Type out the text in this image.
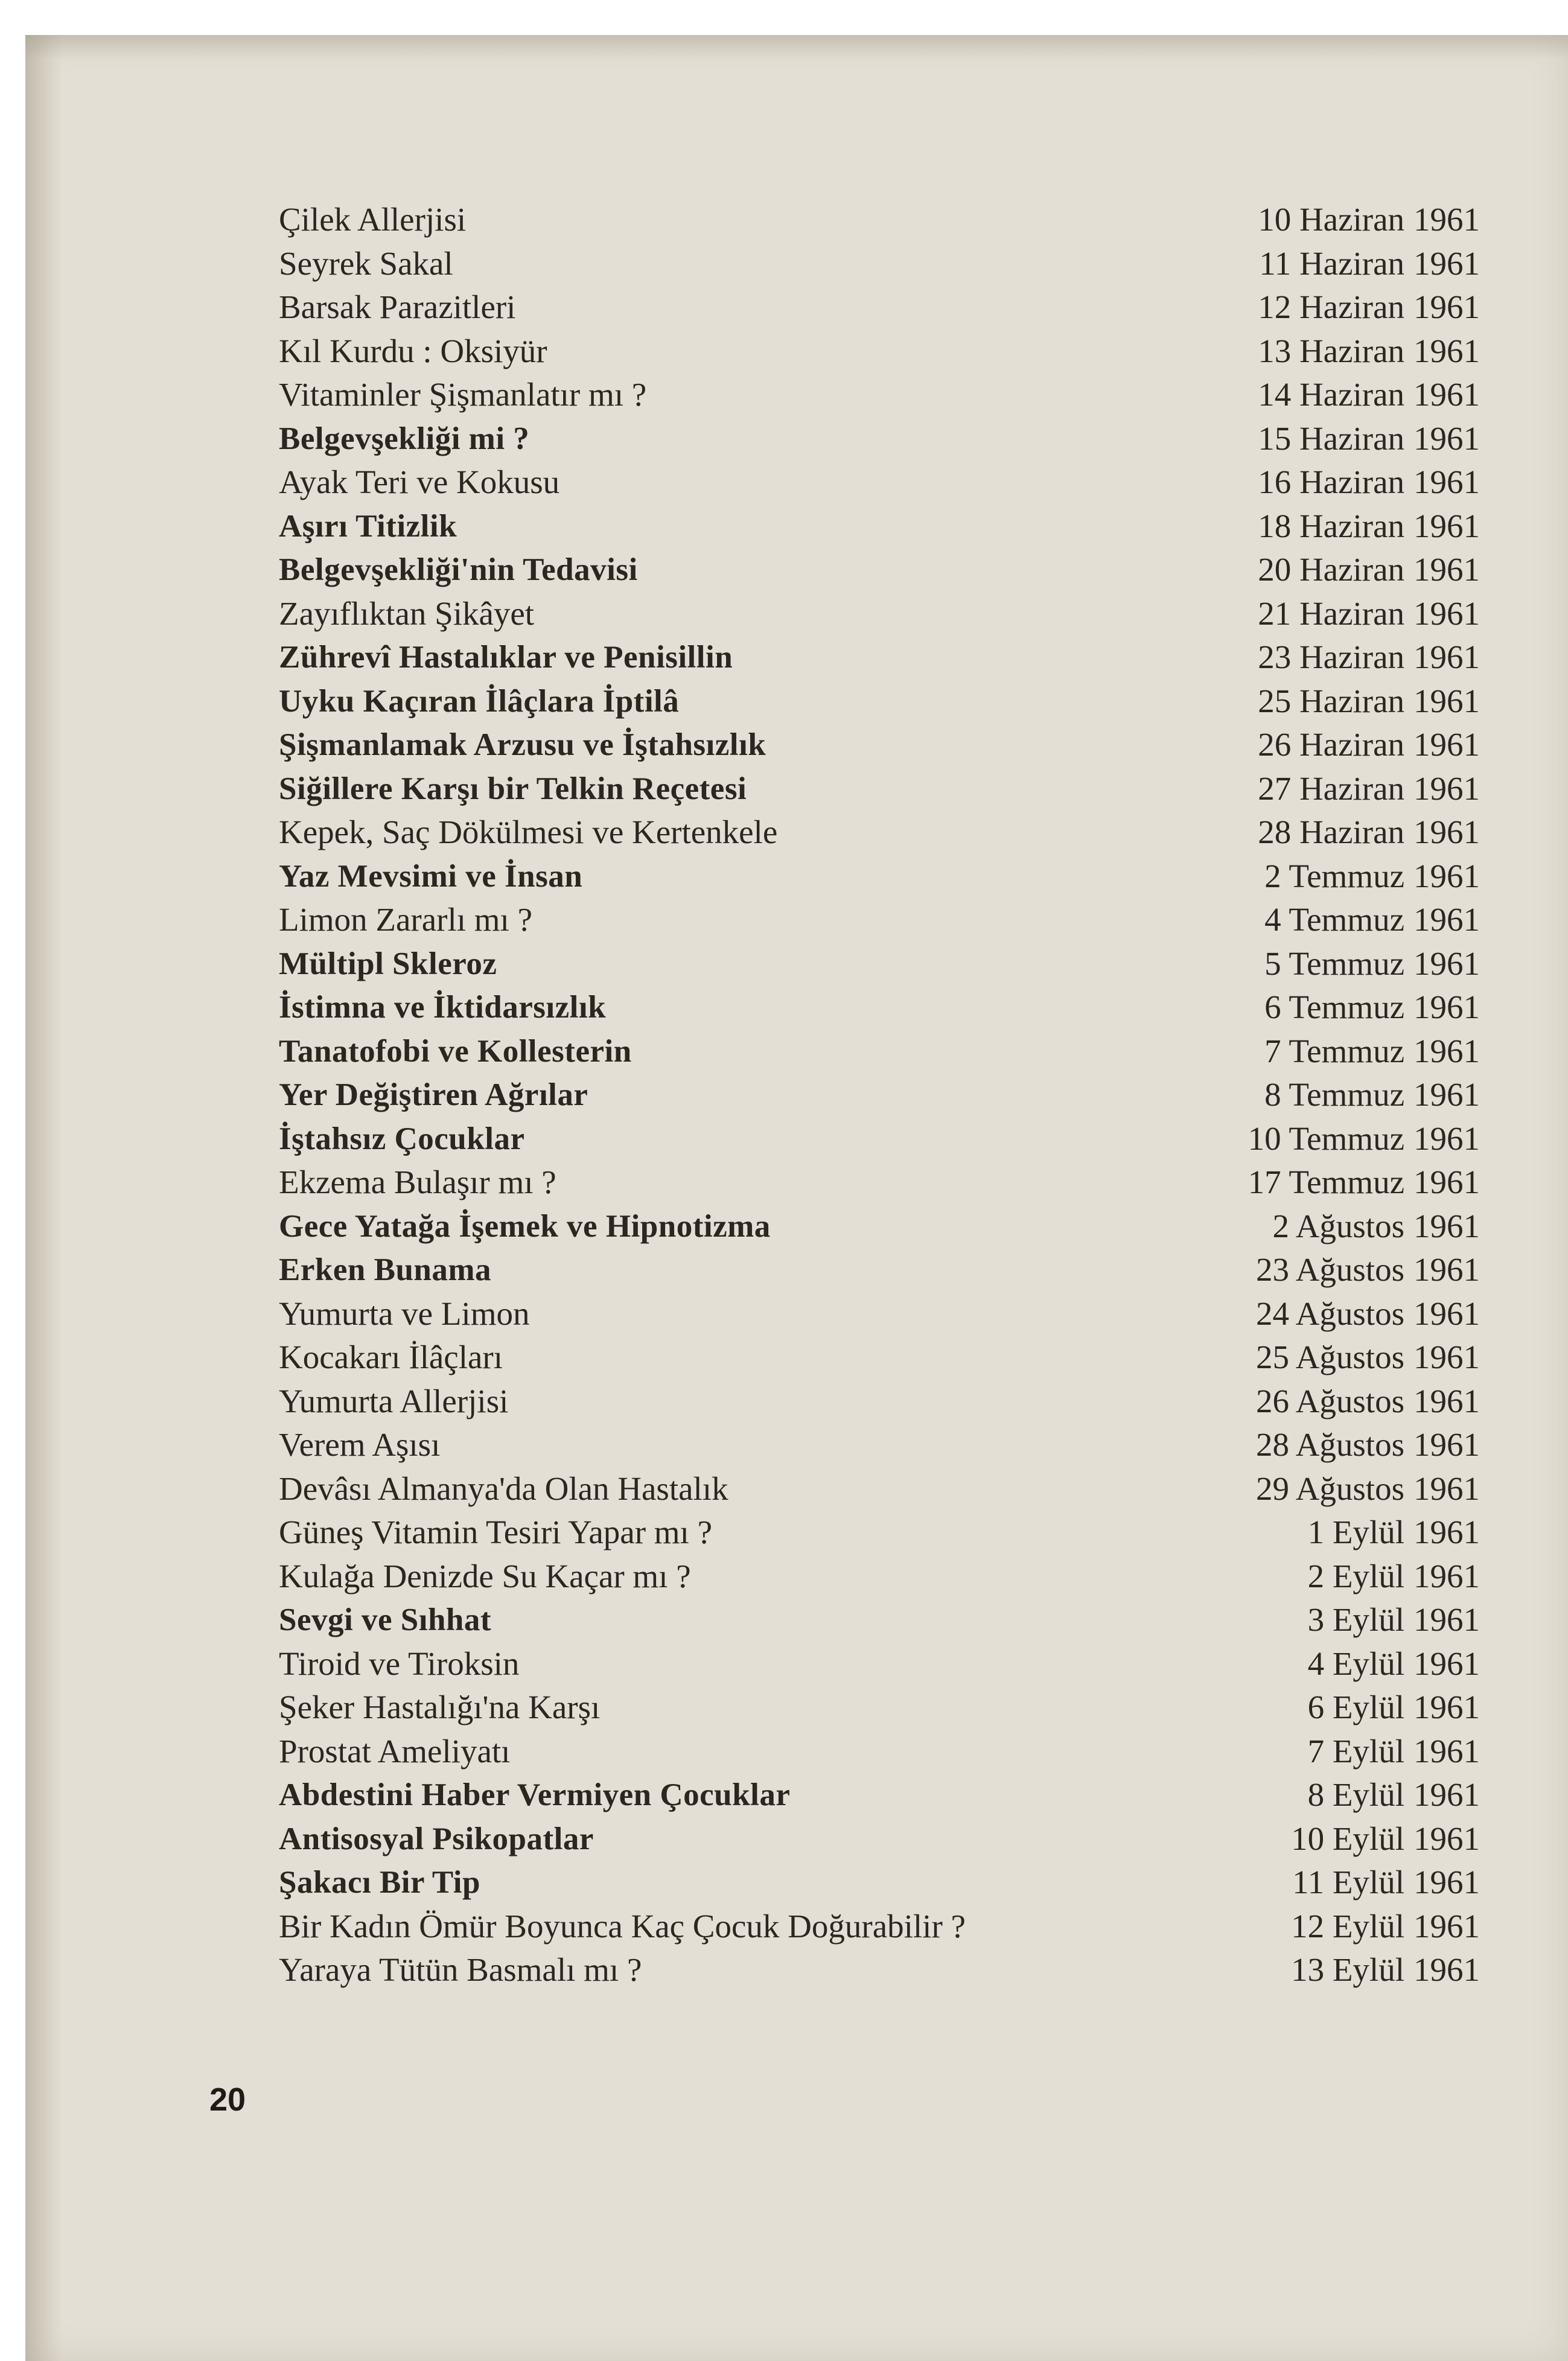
Çilek Allerjisi	10 Haziran 1961
Seyrek Sakal	11 Haziran 1961
Barsak Parazitleri	12 Haziran 1961
Kıl Kurdu : Oksiyür	13 Haziran 1961
Vitaminler Şişmanlatır mı ?	14 Haziran 1961
Belgevşekliği mi ?	15 Haziran 1961
Ayak Teri ve Kokusu	16 Haziran 1961
Aşırı Titizlik	18 Haziran 1961
Belgevşekliği'nin Tedavisi	20 Haziran 1961
Zayıflıktan Şikâyet	21 Haziran 1961
Zührevî Hastalıklar ve Penisillin	23 Haziran 1961
Uyku Kaçıran İlâçlara İptilâ	25 Haziran 1961
Şişmanlamak Arzusu ve İştahsızlık	26 Haziran 1961
Siğillere Karşı bir Telkin Reçetesi	27 Haziran 1961
Kepek, Saç Dökülmesi ve Kertenkele	28 Haziran 1961
Yaz Mevsimi ve İnsan	2 Temmuz 1961
Limon Zararlı mı ?	4 Temmuz 1961
Mültipl Skleroz	5 Temmuz 1961
İstimna ve İktidarsızlık	6 Temmuz 1961
Tanatofobi ve Kollesterin	7 Temmuz 1961
Yer Değiştiren Ağrılar	8 Temmuz 1961
İştahsız Çocuklar	10 Temmuz 1961
Ekzema Bulaşır mı ?	17 Temmuz 1961
Gece Yatağa İşemek ve Hipnotizma	2 Ağustos 1961
Erken Bunama	23 Ağustos 1961
Yumurta ve Limon	24 Ağustos 1961
Kocakarı İlâçları	25 Ağustos 1961
Yumurta Allerjisi	26 Ağustos 1961
Verem Aşısı	28 Ağustos 1961
Devâsı Almanya'da Olan Hastalık	29 Ağustos 1961
Güneş Vitamin Tesiri Yapar mı ?	1 Eylül 1961
Kulağa Denizde Su Kaçar mı ?	2 Eylül 1961
Sevgi ve Sıhhat	3 Eylül 1961
Tiroid ve Tiroksin	4 Eylül 1961
Şeker Hastalığı'na Karşı	6 Eylül 1961
Prostat Ameliyatı	7 Eylül 1961
Abdestini Haber Vermiyen Çocuklar	8 Eylül 1961
Antisosyal Psikopatlar	10 Eylül 1961
Şakacı Bir Tip	11 Eylül 1961
Bir Kadın Ömür Boyunca Kaç Çocuk Doğurabilir ?	12 Eylül 1961
Yaraya Tütün Basmalı mı ?	13 Eylül 1961
20
